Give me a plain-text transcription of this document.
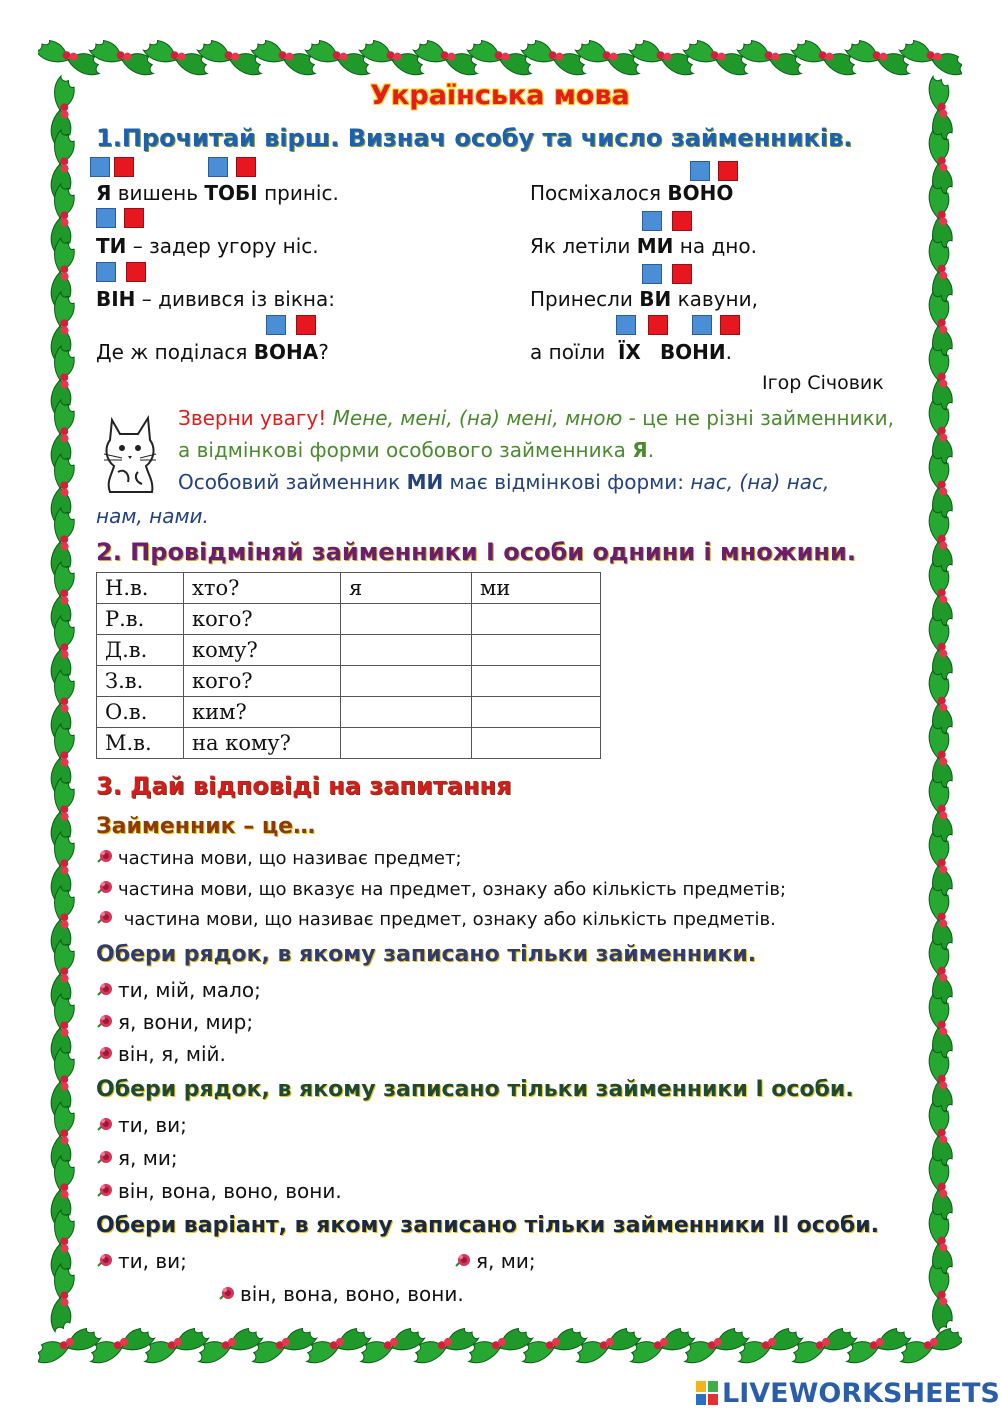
Українська мова
1.Прочитай вірш. Визнач особу та число займенників.
Я вишень ТОБІ приніс.
ТИ – задер угору ніс.
ВІН – дивився із вікна:
Де ж поділася ВОНА?
Посміхалося ВОНО
Як летіли МИ на дно.
Принесли ВИ кавуни,
а поїли  ЇХ ВОНИ.
Ігор Січовик
Зверни увагу! Мене, мені, (на) мені, мною - це не різні займенники, а відмінкові форми особового займенника Я.
Особовий займенник МИ має відмінкові форми: нас, (на) нас,
нам, нами.
2. Провідміняй займенники І особи однини і множини.
Н.в.	хто?	я	ми
Р.в.	кого?		
Д.в.	кому?		
З.в.	кого?		
О.в.	ким?		
М.в.	на кому?		
3. Дай відповіді на запитання
Займенник – це…
частина мови, що називає предмет;
частина мови, що вказує на предмет, ознаку або кількість предметів;
частина мови, що називає предмет, ознаку або кількість предметів.
Обери рядок, в якому записано тільки займенники.
ти, мій, мало;
я, вони, мир;
він, я, мій.
Обери рядок, в якому записано тільки займенники І особи.
ти, ви;
я, ми;
він, вона, воно, вони.
Обери варіант, в якому записано тільки займенники ІІ особи.
ти, ви;	я, ми;
він, вона, воно, вони.
LIVEWORKSHEETS
